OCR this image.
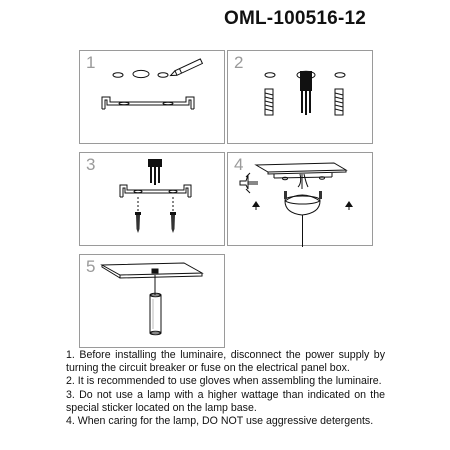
OML-100516-12
1	2
3	4
5

1. Before installing the luminaire, disconnect the power supply by turning the circuit breaker or fuse on the electrical panel box.

2. It is recommended to use gloves when assembling the luminaire.

3. Do not use a lamp with a higher wattage than indicated on the special sticker located on the lamp base.

4. When caring for the lamp, DO NOT use aggressive detergents.
